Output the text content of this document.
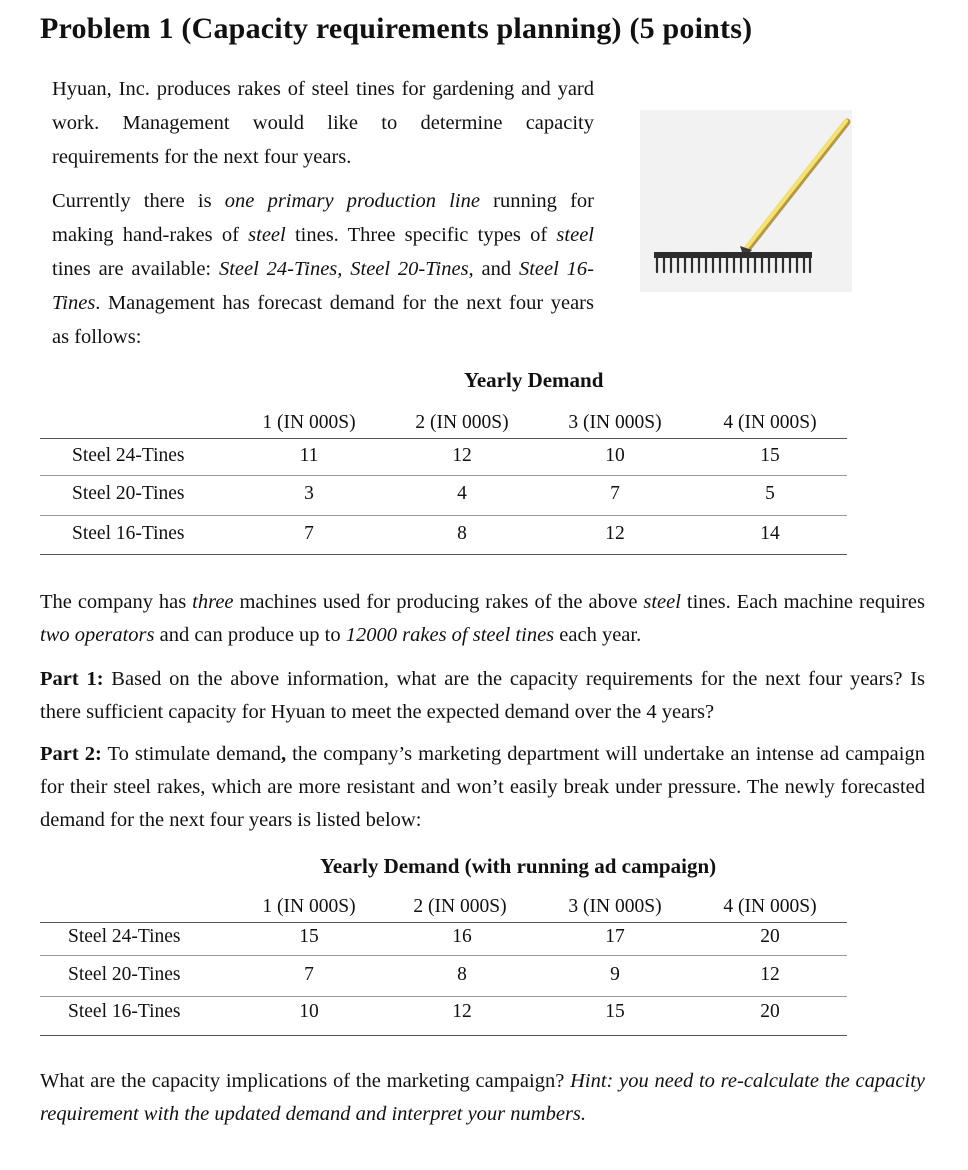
Problem 1 (Capacity requirements planning) (5 points)
Hyuan, Inc. produces rakes of steel tines for gardening and yard work. Management would like to determine capacity requirements for the next four years.
Currently there is one primary production line running for making hand-rakes of steel tines. Three specific types of steel tines are available: Steel 24-Tines, Steel 20-Tines, and Steel 16-Tines. Management has forecast demand for the next four years as follows:
Yearly Demand
1 (IN 000S)	2 (IN 000S)	3 (IN 000S)	4 (IN 000S)
Steel 24-Tines	11	12	10	15
Steel 20-Tines	3	4	7	5
Steel 16-Tines	7	8	12	14
The company has three machines used for producing rakes of the above steel tines. Each machine requires two operators and can produce up to 12000 rakes of steel tines each year.
Part 1: Based on the above information, what are the capacity requirements for the next four years? Is there sufficient capacity for Hyuan to meet the expected demand over the 4 years?
Part 2: To stimulate demand, the company’s marketing department will undertake an intense ad campaign for their steel rakes, which are more resistant and won’t easily break under pressure. The newly forecasted demand for the next four years is listed below:
Yearly Demand (with running ad campaign)
1 (IN 000S)	2 (IN 000S)	3 (IN 000S)	4 (IN 000S)
Steel 24-Tines	15	16	17	20
Steel 20-Tines	7	8	9	12
Steel 16-Tines	10	12	15	20
What are the capacity implications of the marketing campaign? Hint: you need to re-calculate the capacity requirement with the updated demand and interpret your numbers.
